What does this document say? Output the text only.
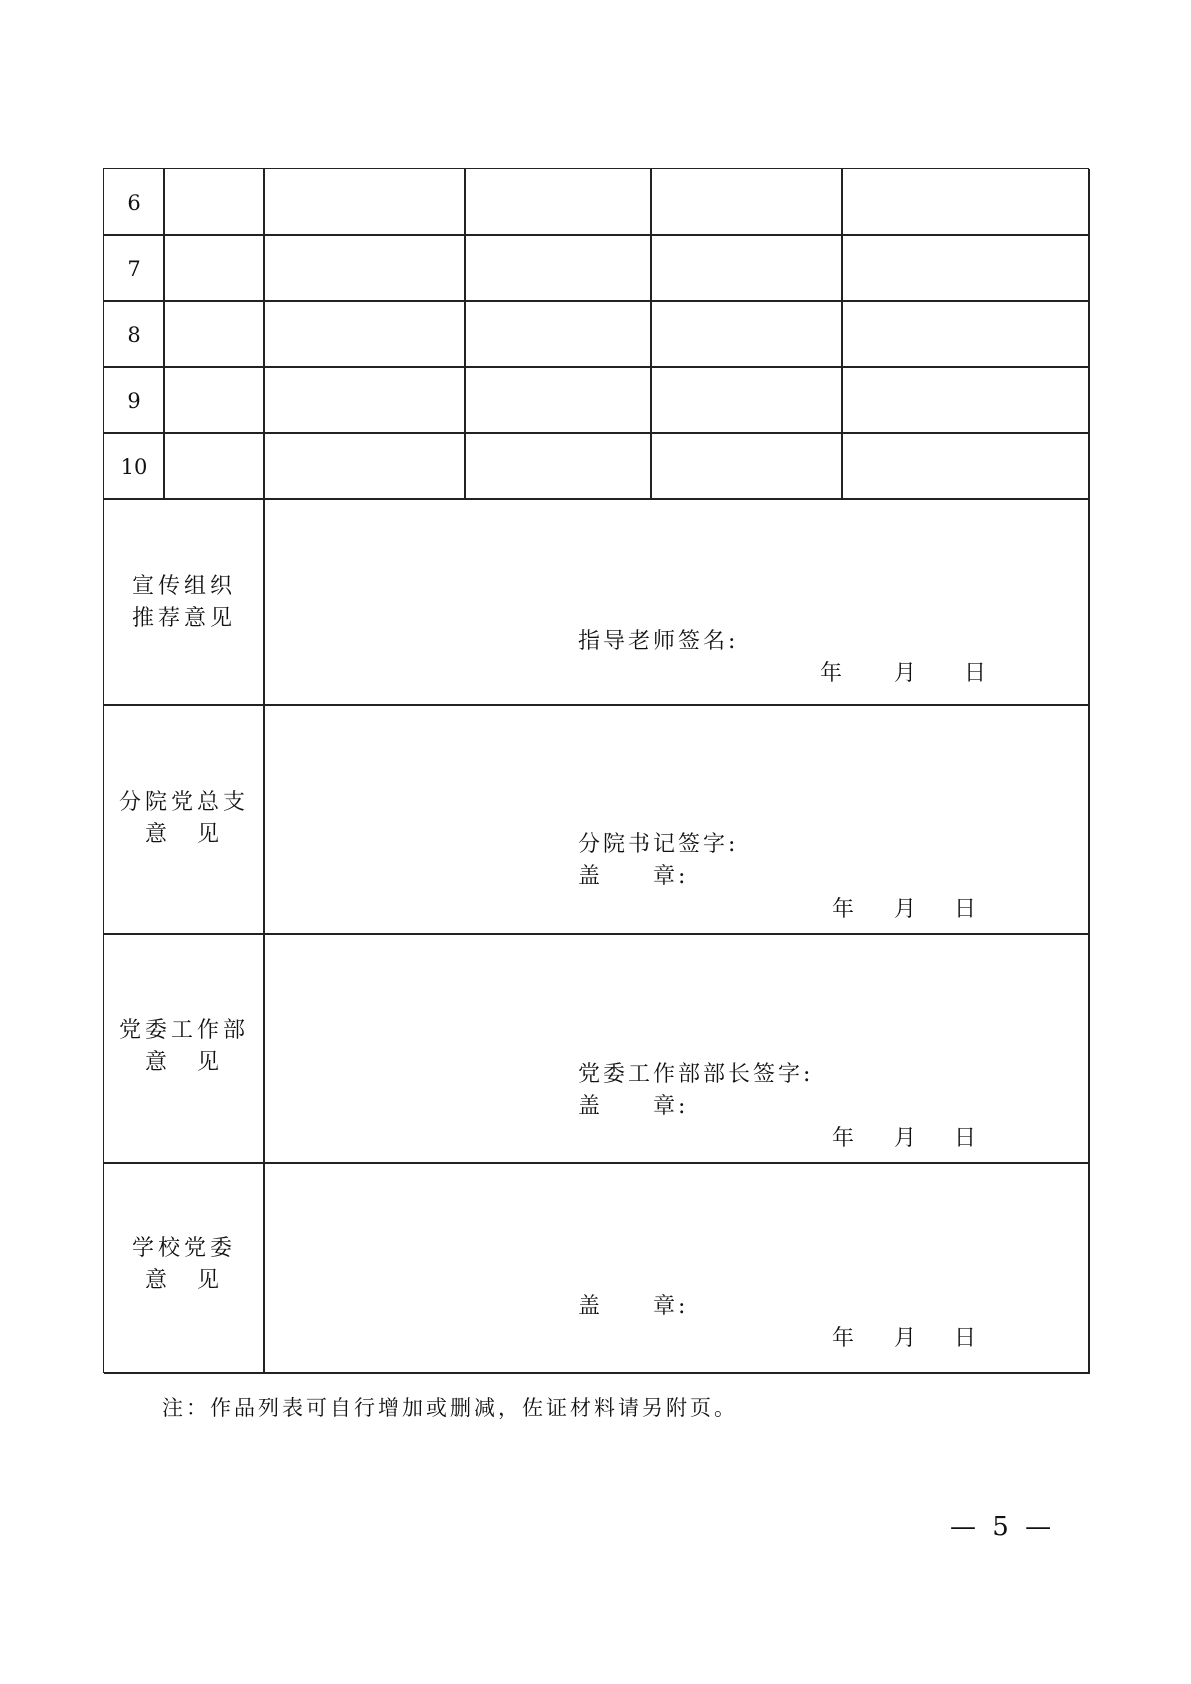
6
7
8
9
10
宣传组织
推荐意见
指导老师签名:
年 月 日
分院党总支
意　见	分院书记签字:
盖　　章:
年 月 日
党委工作部
意　见	党委工作部部长签字:
盖　　章:
年 月 日
学校党委
意　见
盖　　章:
年 月 日
注：作品列表可自行增加或删减，佐证材料请另附页。
— 5 —
